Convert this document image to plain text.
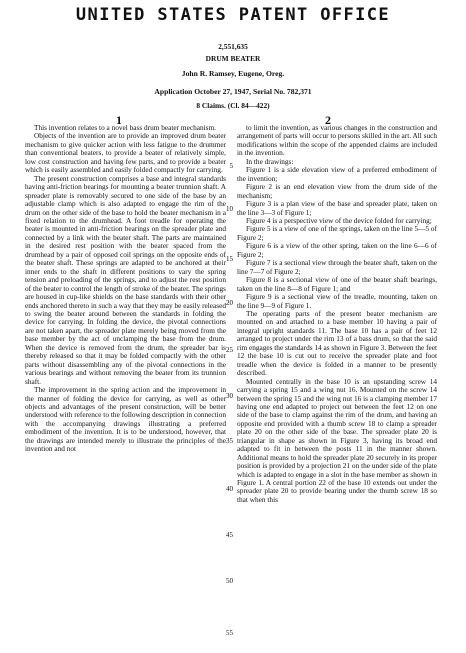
UNITED STATES PATENT OFFICE
2,551,635
DRUM BEATER
John R. Ramsey, Eugene, Oreg.
Application October 27, 1947, Serial No. 782,371
8 Claims. (Cl. 84—422)
1	2

This invention relates to a novel bass drum beater mechanism.

Objects of the invention are to provide an improved drum beater mechanism to give quicker action with less fatigue to the drummer than conventional beaters, to provide a beater of relatively simple, low cost construction and having few parts, and to provide a beater which is easily assembled and easily folded compactly for carrying.

The present construction comprises a base and integral standards having anti-friction bearings for mounting a beater trunnion shaft. A spreader plate is removably secured to one side of the base by an adjustable clamp which is also adapted to engage the rim of the drum on the other side of the base to hold the beater mechanism in a fixed relation to the drumhead. A foot treadle for operating the beater is mounted in anti-friction bearings on the spreader plate and connected by a link with the beater shaft. The parts are maintained in the desired rest position with the beater spaced from the drumhead by a pair of opposed coil springs on the opposite ends of the beater shaft. These springs are adapted to be anchored at their inner ends to the shaft in different positions to vary the spring tension and preloading of the springs, and to adjust the rest position of the beater to control the length of stroke of the beater. The springs are housed in cup-like shields on the base standards with their other ends anchored thereto in such a way that they may be easily released to swing the beater around between the standards in folding the device for carrying. In folding the device, the pivotal connections are not taken apart, the spreader plate merely being moved from the base member by the act of unclamping the base from the drum. When the device is removed from the drum, the spreader bar is thereby released so that it may be folded compactly with the other parts without disassembling any of the pivotal connections in the various bearings and without removing the beater from its trunnion shaft.

The improvement in the spring action and the improvement in the manner of folding the device for carrying, as well as other objects and advantages of the present construction, will be better understood with reference to the following description in connection with the accompanying drawings illustrating a preferred embodiment of the invention. It is to be understood, however, that the drawings are intended merely to illustrate the principles of the invention and not

to limit the invention, as various changes in the construction and arrangement of parts will occur to persons skilled in the art. All such modifications within the scope of the appended claims are included in the invention.

In the drawings:

Figure 1 is a side elevation view of a preferred embodiment of the invention;

Figure 2 is an end elevation view from the drum side of the mechanism;

Figure 3 is a plan view of the base and spreader plate, taken on the line 3—3 of Figure 1;

Figure 4 is a perspective view of the device folded for carrying;

Figure 5 is a view of one of the springs, taken on the line 5—5 of Figure 2;

Figure 6 is a view of the other spring, taken on the line 6—6 of Figure 2;

Figure 7 is a sectional view through the beater shaft, taken on the line 7—7 of Figure 2;

Figure 8 is a sectional view of one of the beater shaft bearings, taken on the line 8—8 of Figure 1; and

Figure 9 is a sectional view of the treadle, mounting, taken on the line 9—9 of Figure 1.

The operating parts of the present beater mechanism are mounted on and attached to a base member 10 having a pair of integral upright standards 11. The base 10 has a pair of feet 12 arranged to project under the rim 13 of a bass drum, so that the said rim engages the standards 14 as shown in Figure 3. Between the feet 12 the base 10 is cut out to receive the spreader plate and foot treadle when the device is folded in a manner to be presently described.

Mounted centrally in the base 10 is an upstanding screw 14 carrying a spring 15 and a wing nut 16. Mounted on the screw 14 between the spring 15 and the wing nut 16 is a clamping member 17 having one end adapted to project out between the feet 12 on one side of the base to clamp against the rim of the drum, and having an opposite end provided with a thumb screw 18 to clamp a spreader plate 20 on the other side of the base. The spreader plate 20 is triangular in shape as shown in Figure 3, having its broad end adapted to fit in between the posts 11 in the manner shown. Additional means to hold the spreader plate 20 securely in its proper position is provided by a projection 21 on the under side of the plate which is adapted to engage in a slot in the base member as shown in Figure 1. A central portion 22 of the base 10 extends out under the spreader plate 20 to provide bearing under the thumb screw 18 so that when this

5
10
15
20
25
30
35
40
45
50
55
